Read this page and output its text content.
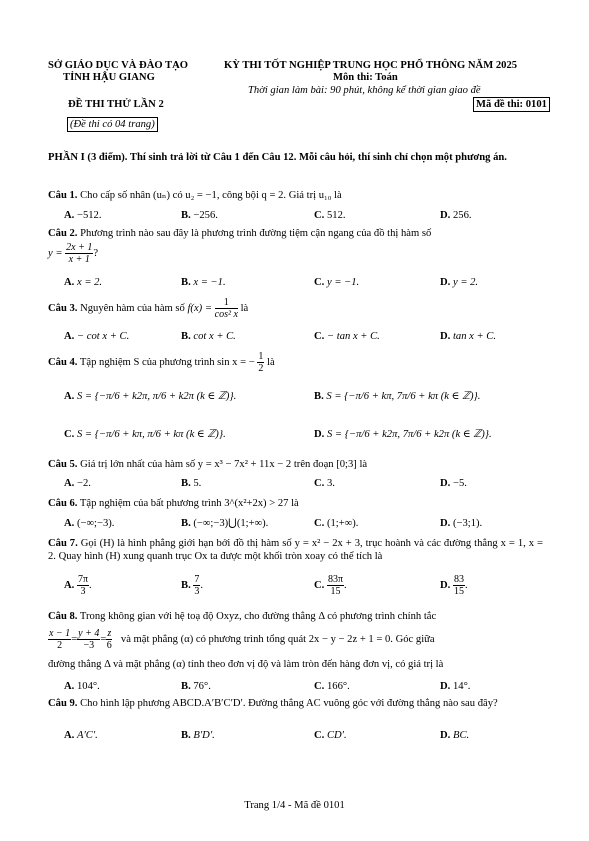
SỞ GIÁO DỤC VÀ ĐÀO TẠO
TỈNH HẬU GIANG
KỲ THI TỐT NGHIỆP TRUNG HỌC PHỔ THÔNG NĂM 2025
Môn thi: Toán
Thời gian làm bài: 90 phút, không kể thời gian giao đề
ĐỀ THI THỬ LẦN 2
(Đề thi có 04 trang)
Mã đề thi: 0101
PHẦN I (3 điểm). Thí sinh trả lời từ Câu 1 đến Câu 12. Mỗi câu hỏi, thí sinh chỉ chọn một phương án.
Câu 1. Cho cấp số nhân (uₙ) có u₂ = −1, công bội q = 2. Giá trị u₁₀ là
A. −512.	B. −256.	C. 512.	D. 256.
Câu 2. Phương trình nào sau đây là phương trình đường tiệm cận ngang của đồ thị hàm số
$y = \frac{2x + 1}{x + 1}$ ?
A. x = 2.	B. x = −1.	C. y = −1.	D. y = 2.
Câu 3. Nguyên hàm của hàm số $f(x) = \frac{1}{\text{cos² x}}$ là
A. − cot x + C.	B. cot x + C.	C. − tan x + C.	D. tan x + C.
Câu 4. Tập nghiệm S của phương trình sin x = − $\frac{1}{2}$ là
A. S = {−π/6 + k2π, π/6 + k2π (k ∈ ℤ)}.	B. S = {−π/6 + kπ, 7π/6 + kπ (k ∈ ℤ)}.
C. S = {−π/6 + kπ, π/6 + kπ (k ∈ ℤ)}.	D. S = {−π/6 + k2π, 7π/6 + k2π (k ∈ ℤ)}.
Câu 5. Giá trị lớn nhất của hàm số y = x³ − 7x² + 11x − 2 trên đoạn [0;3] là
A. −2.	B. 5.	C. 3.	D. −5.
Câu 6. Tập nghiệm của bất phương trình 3^(x²+2x) > 27 là
A. (−∞;−3).	B. (−∞;−3)⋃(1;+∞).	C. (1;+∞).	D. (−3;1).
Câu 7. Gọi (H) là hình phẳng giới hạn bởi đồ thị hàm số y = x² − 2x + 3, trục hoành và các đường thẳng x = 1, x = 2. Quay hình (H) xung quanh trục Ox ta được một khối tròn xoay có thể tích là
A. $\frac{7\pi}{3}$ .	B. $\frac{7}{3}$ .	C. $\frac{83\pi}{15}$ .	D. $\frac{83}{15}$ .
Câu 8. Trong không gian với hệ toạ độ Oxyz, cho đường thẳng Δ có phương trình chính tắc
$\frac{x - 1}{2} = \frac{y + 4}{-3} = \frac{z}{6}$ và mặt phẳng (α) có phương trình tổng quát 2x − y − 2z + 1 = 0. Góc giữa
đường thẳng Δ và mặt phẳng (α) tính theo đơn vị độ và làm tròn đến hàng đơn vị, có giá trị là
A. 104°.	B. 76°.	C. 166°.	D. 14°.
Câu 9. Cho hình lập phương ABCD.A′B′C′D′. Đường thẳng AC vuông góc với đường thẳng nào sau đây?
A. A′C′.	B. B′D′.	C. CD′.	D. BC.
Trang 1/4 - Mã đề 0101
